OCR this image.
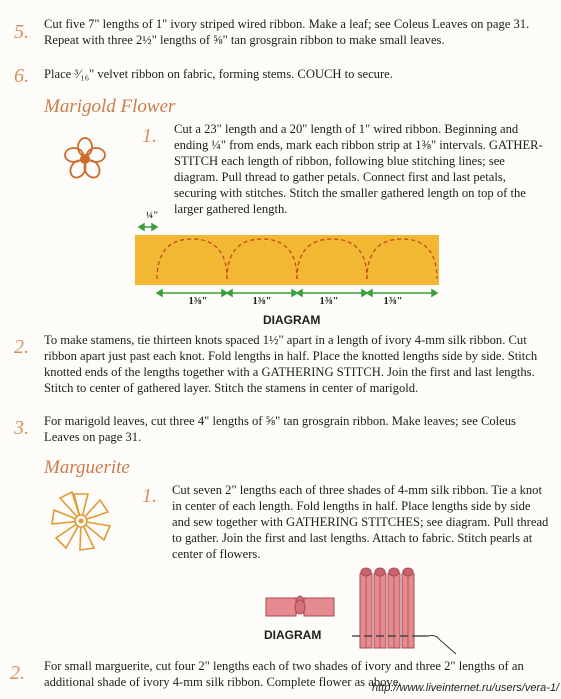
5. Cut five 7" lengths of 1" ivory striped wired ribbon. Make a leaf; see Coleus Leaves on page 31. Repeat with three 2½" lengths of ⅝" tan grosgrain ribbon to make small leaves.
6. Place ³⁄₁₆" velvet ribbon on fabric, forming stems. COUCH to secure.
Marigold Flower
1. Cut a 23" length and a 20" length of 1" wired ribbon. Beginning and ending ¼" from ends, mark each ribbon strip at 1⅜" intervals. GATHER-STITCH each length of ribbon, following blue stitching lines; see diagram. Pull thread to gather petals. Connect first and last petals, securing with stitches. Stitch the smaller gathered length on top of the larger gathered length.
¼"
1⅜"	1⅜"	1⅜"	1⅜"
DIAGRAM
2. To make stamens, tie thirteen knots spaced 1½" apart in a length of ivory 4-mm silk ribbon. Cut ribbon apart just past each knot. Fold lengths in half. Place the knotted lengths side by side. Stitch knotted ends of the lengths together with a GATHERING STITCH. Join the first and last lengths. Stitch to center of gathered layer. Stitch the stamens in center of marigold.
3. For marigold leaves, cut three 4" lengths of ⅝" tan grosgrain ribbon. Make leaves; see Coleus Leaves on page 31.
Marguerite
1. Cut seven 2" lengths each of three shades of 4-mm silk ribbon. Tie a knot in center of each length. Fold lengths in half. Place lengths side by side and sew together with GATHERING STITCHES; see diagram. Pull thread to gather. Join the first and last lengths. Attach to fabric. Stitch pearls at center of flowers.
DIAGRAM
2. For small marguerite, cut four 2" lengths each of two shades of ivory and three 2" lengths of an additional shade of ivory 4-mm silk ribbon. Complete flower as above.
http://www.liveinternet.ru/users/vera-1/
